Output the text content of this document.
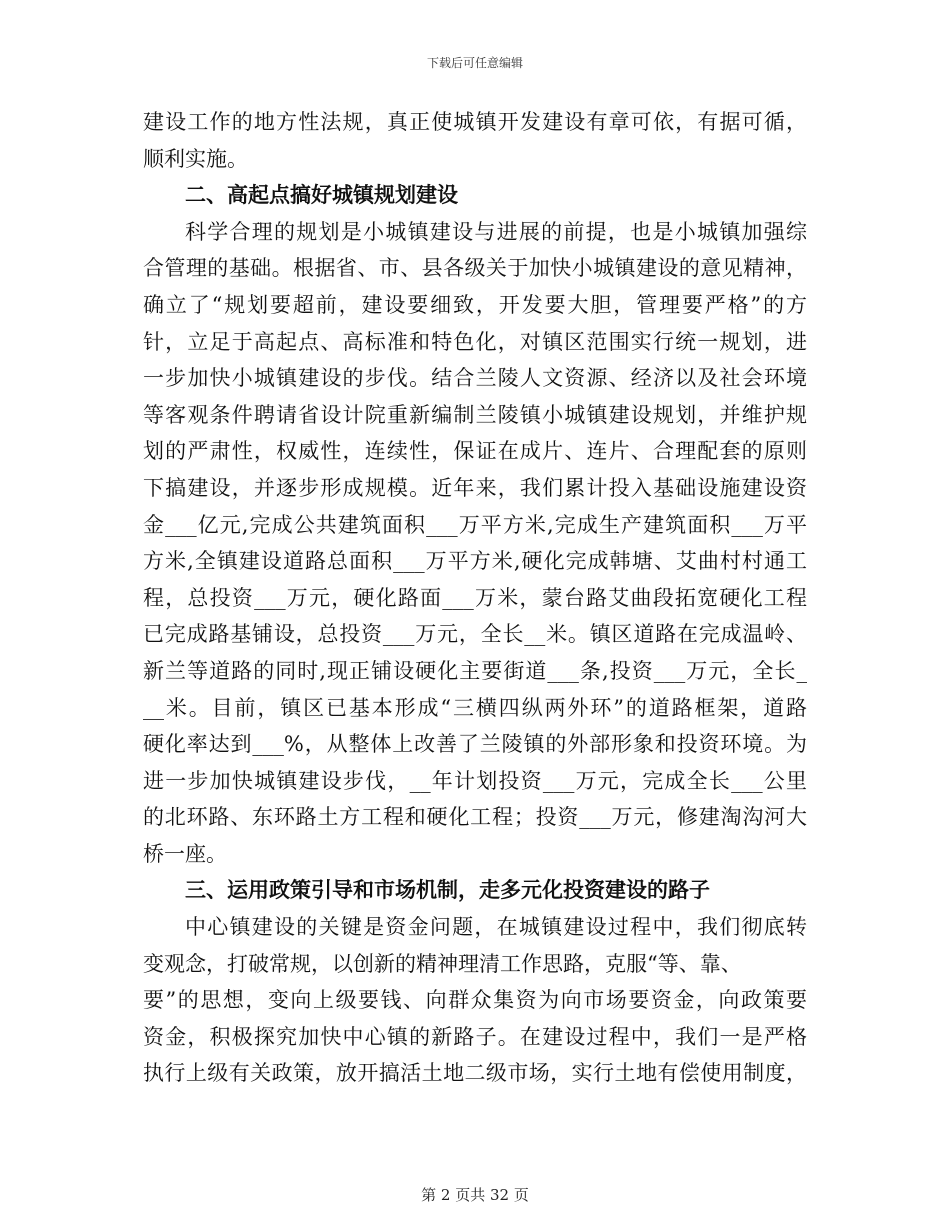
下载后可任意编辑
建设工作的地方性法规，真正使城镇开发建设有章可依，有据可循，
顺利实施。
二、高起点搞好城镇规划建设
科学合理的规划是小城镇建设与进展的前提，也是小城镇加强综
合管理的基础。根据省、市、县各级关于加快小城镇建设的意见精神，
确立了“规划要超前，建设要细致，开发要大胆，管理要严格”的方
针，立足于高起点、高标准和特色化，对镇区范围实行统一规划，进
一步加快小城镇建设的步伐。结合兰陵人文资源、经济以及社会环境
等客观条件聘请省设计院重新编制兰陵镇小城镇建设规划，并维护规
划的严肃性，权威性，连续性，保证在成片、连片、合理配套的原则
下搞建设，并逐步形成规模。近年来，我们累计投入基础设施建设资
金___亿元,完成公共建筑面积___万平方米,完成生产建筑面积___万平
方米,全镇建设道路总面积___万平方米,硬化完成韩塘、艾曲村村通工
程，总投资___万元，硬化路面___万米，蒙台路艾曲段拓宽硬化工程
已完成路基铺设，总投资___万元，全长__米。镇区道路在完成温岭、
新兰等道路的同时,现正铺设硬化主要街道___条,投资___万元，全长_
__米。目前，镇区已基本形成“三横四纵两外环”的道路框架，道路
硬化率达到___%，从整体上改善了兰陵镇的外部形象和投资环境。为
进一步加快城镇建设步伐，__年计划投资___万元，完成全长___公里
的北环路、东环路土方工程和硬化工程；投资___万元，修建淘沟河大
桥一座。
三、运用政策引导和市场机制，走多元化投资建设的路子
中心镇建设的关键是资金问题，在城镇建设过程中，我们彻底转
变观念，打破常规，以创新的精神理清工作思路，克服“等、靠、
要”的思想，变向上级要钱、向群众集资为向市场要资金，向政策要
资金，积极探究加快中心镇的新路子。在建设过程中，我们一是严格
执行上级有关政策，放开搞活土地二级市场，实行土地有偿使用制度，
第 2 页共 32 页
